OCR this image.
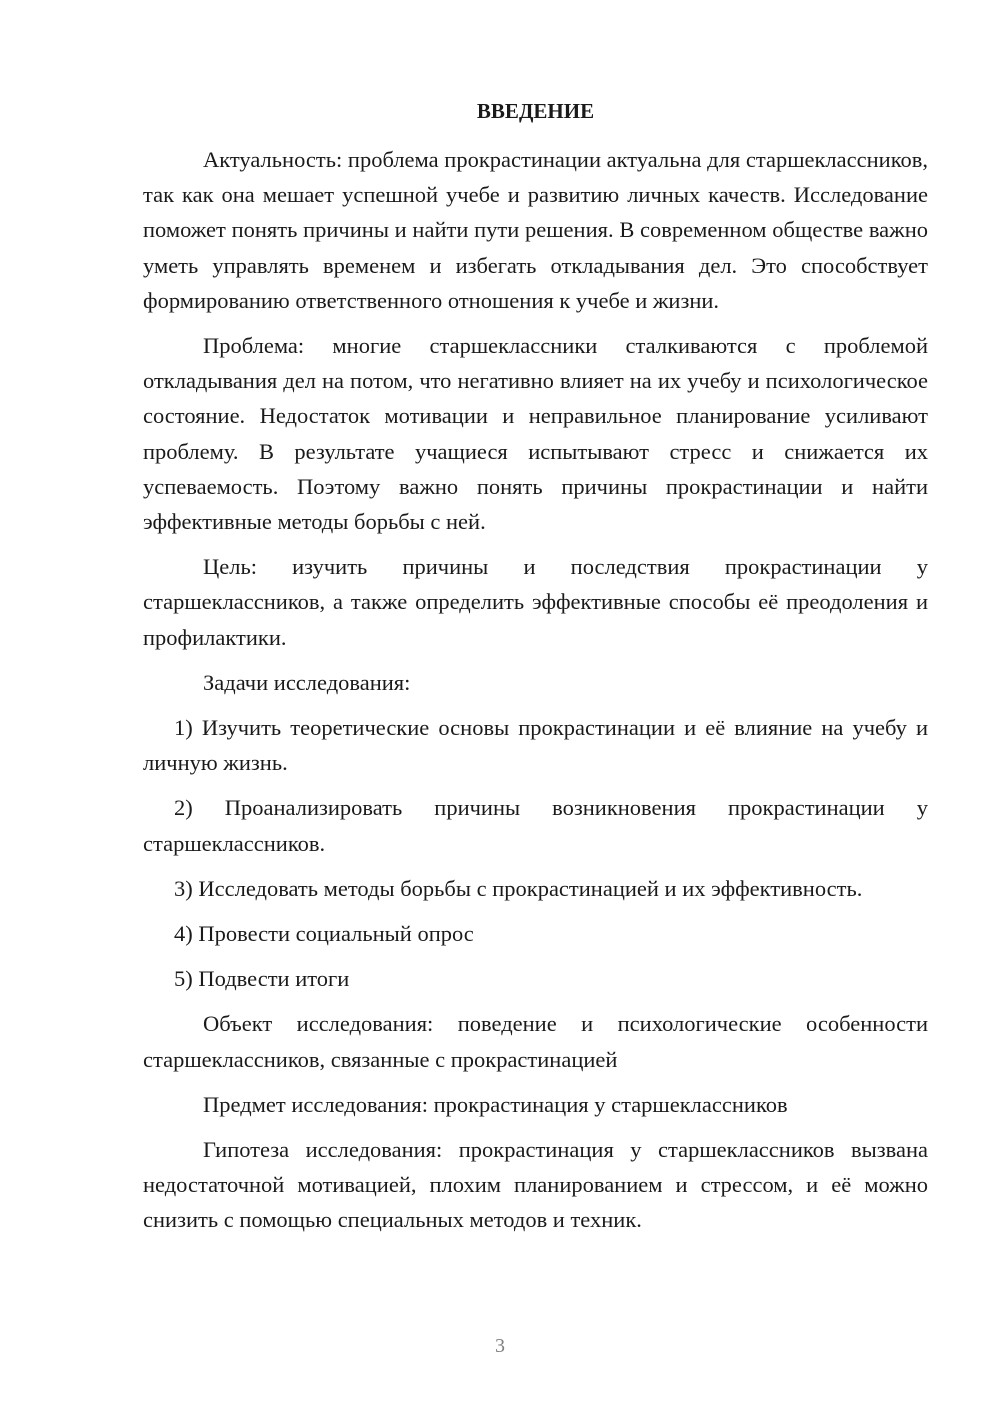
ВВЕДЕНИЕ

Актуальность: проблема прокрастинации актуальна для старшеклассников, так как она мешает успешной учебе и развитию личных качеств. Исследование поможет понять причины и найти пути решения. В современном обществе важно уметь управлять временем и избегать откладывания дел. Это способствует формированию ответственного отношения к учебе и жизни.

Проблема: многие старшеклассники сталкиваются с проблемой откладывания дел на потом, что негативно влияет на их учебу и психологическое состояние. Недостаток мотивации и неправильное планирование усиливают проблему. В результате учащиеся испытывают стресс и снижается их успеваемость. Поэтому важно понять причины прокрастинации и найти эффективные методы борьбы с ней.

Цель: изучить причины и последствия прокрастинации у старшеклассников, а также определить эффективные способы её преодоления и профилактики.

Задачи исследования:

1) Изучить теоретические основы прокрастинации и её влияние на учебу и личную жизнь.

2) Проанализировать причины возникновения прокрастинации у старшеклассников.

3) Исследовать методы борьбы с прокрастинацией и их эффективность.

4) Провести социальный опрос

5) Подвести итоги

Объект исследования: поведение и психологические особенности старшеклассников, связанные с прокрастинацией

Предмет исследования: прокрастинация у старшеклассников

Гипотеза исследования: прокрастинация у старшеклассников вызвана недостаточной мотивацией, плохим планированием и стрессом, и её можно снизить с помощью специальных методов и техник.

3
